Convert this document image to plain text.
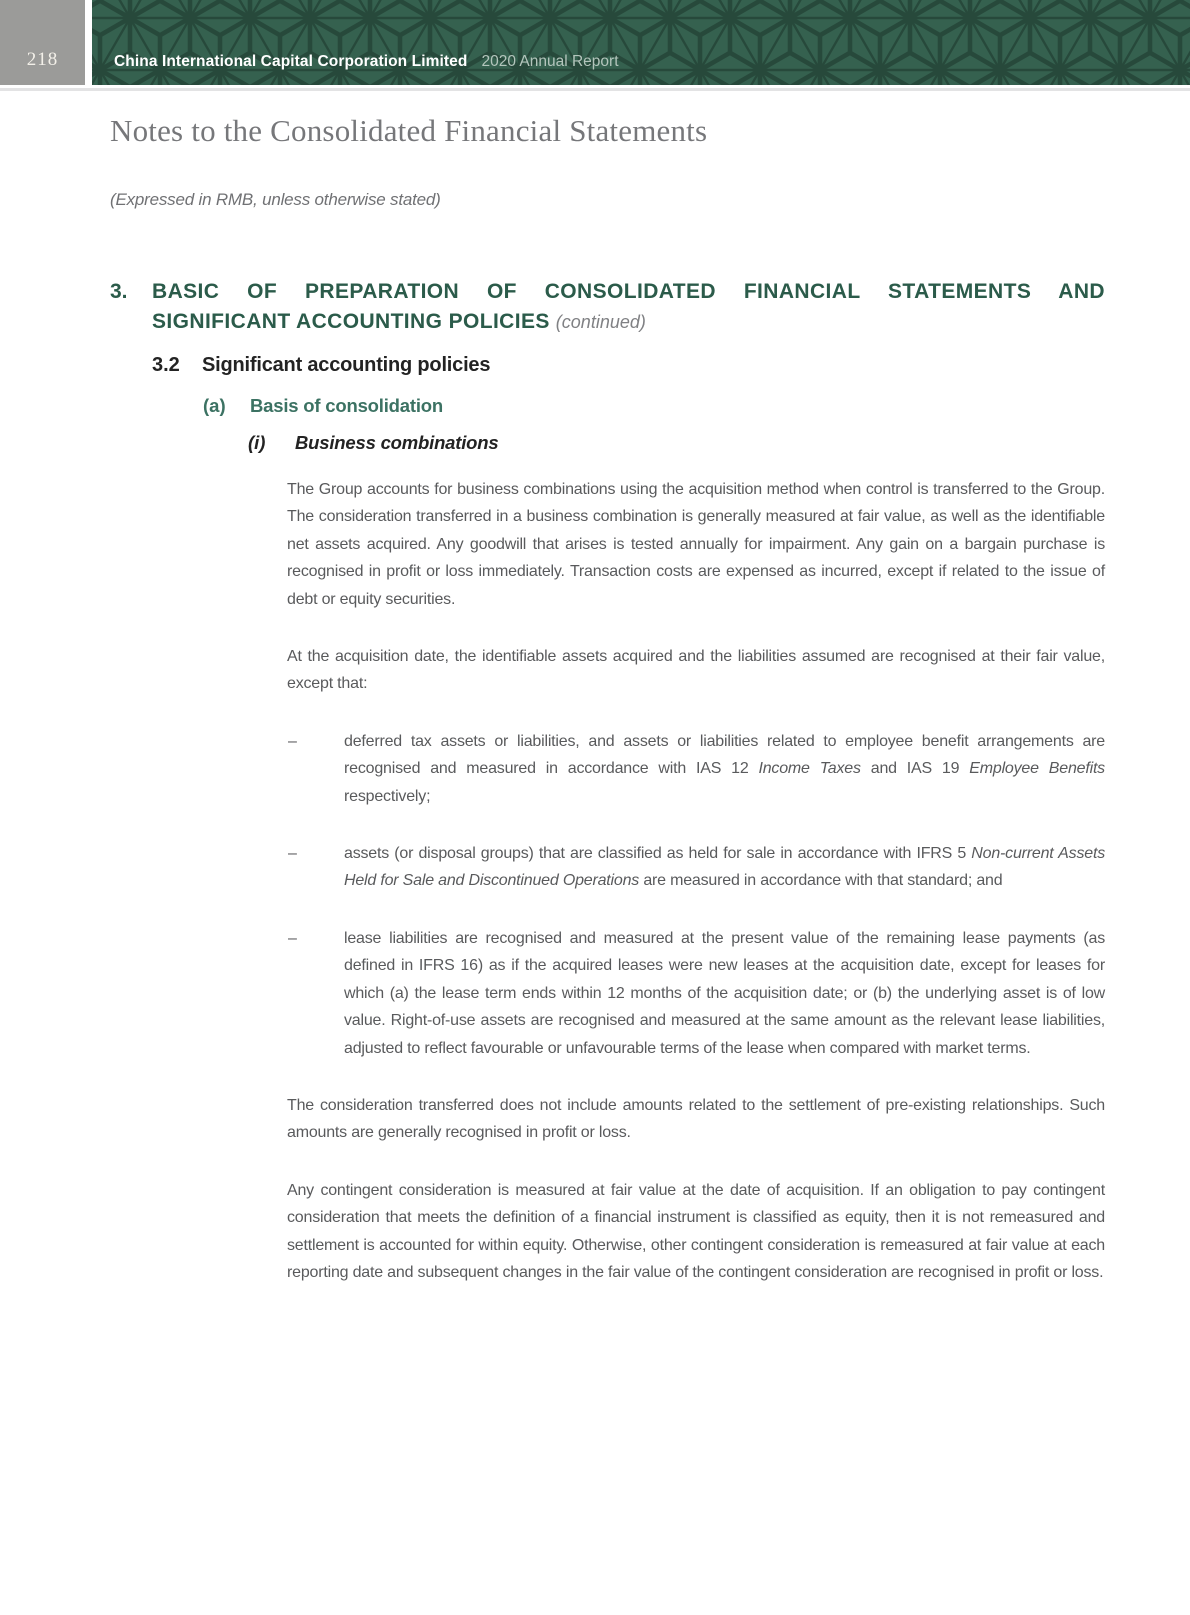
218	China International Capital Corporation Limited 2020 Annual Report
Notes to the Consolidated Financial Statements
(Expressed in RMB, unless otherwise stated)
3.	BASIC OF PREPARATION OF CONSOLIDATED FINANCIAL STATEMENTS AND
SIGNIFICANT ACCOUNTING POLICIES (continued)
3.2	Significant accounting policies
(a)	Basis of consolidation
(i)	Business combinations

The Group accounts for business combinations using the acquisition method when control is transferred to the Group. The consideration transferred in a business combination is generally measured at fair value, as well as the identifiable net assets acquired. Any goodwill that arises is tested annually for impairment. Any gain on a bargain purchase is recognised in profit or loss immediately. Transaction costs are expensed as incurred, except if related to the issue of debt or equity securities.

At the acquisition date, the identifiable assets acquired and the liabilities assumed are recognised at their fair value, except that:

–	deferred tax assets or liabilities, and assets or liabilities related to employee benefit arrangements are recognised and measured in accordance with IAS 12 Income Taxes and IAS 19 Employee Benefits respectively;
–	assets (or disposal groups) that are classified as held for sale in accordance with IFRS 5 Non-current Assets Held for Sale and Discontinued Operations are measured in accordance with that standard; and
–	lease liabilities are recognised and measured at the present value of the remaining lease payments (as defined in IFRS 16) as if the acquired leases were new leases at the acquisition date, except for leases for which (a) the lease term ends within 12 months of the acquisition date; or (b) the underlying asset is of low value. Right-of-use assets are recognised and measured at the same amount as the relevant lease liabilities, adjusted to reflect favourable or unfavourable terms of the lease when compared with market terms.

The consideration transferred does not include amounts related to the settlement of pre-existing relationships. Such amounts are generally recognised in profit or loss.

Any contingent consideration is measured at fair value at the date of acquisition. If an obligation to pay contingent consideration that meets the definition of a financial instrument is classified as equity, then it is not remeasured and settlement is accounted for within equity. Otherwise, other contingent consideration is remeasured at fair value at each reporting date and subsequent changes in the fair value of the contingent consideration are recognised in profit or loss.
